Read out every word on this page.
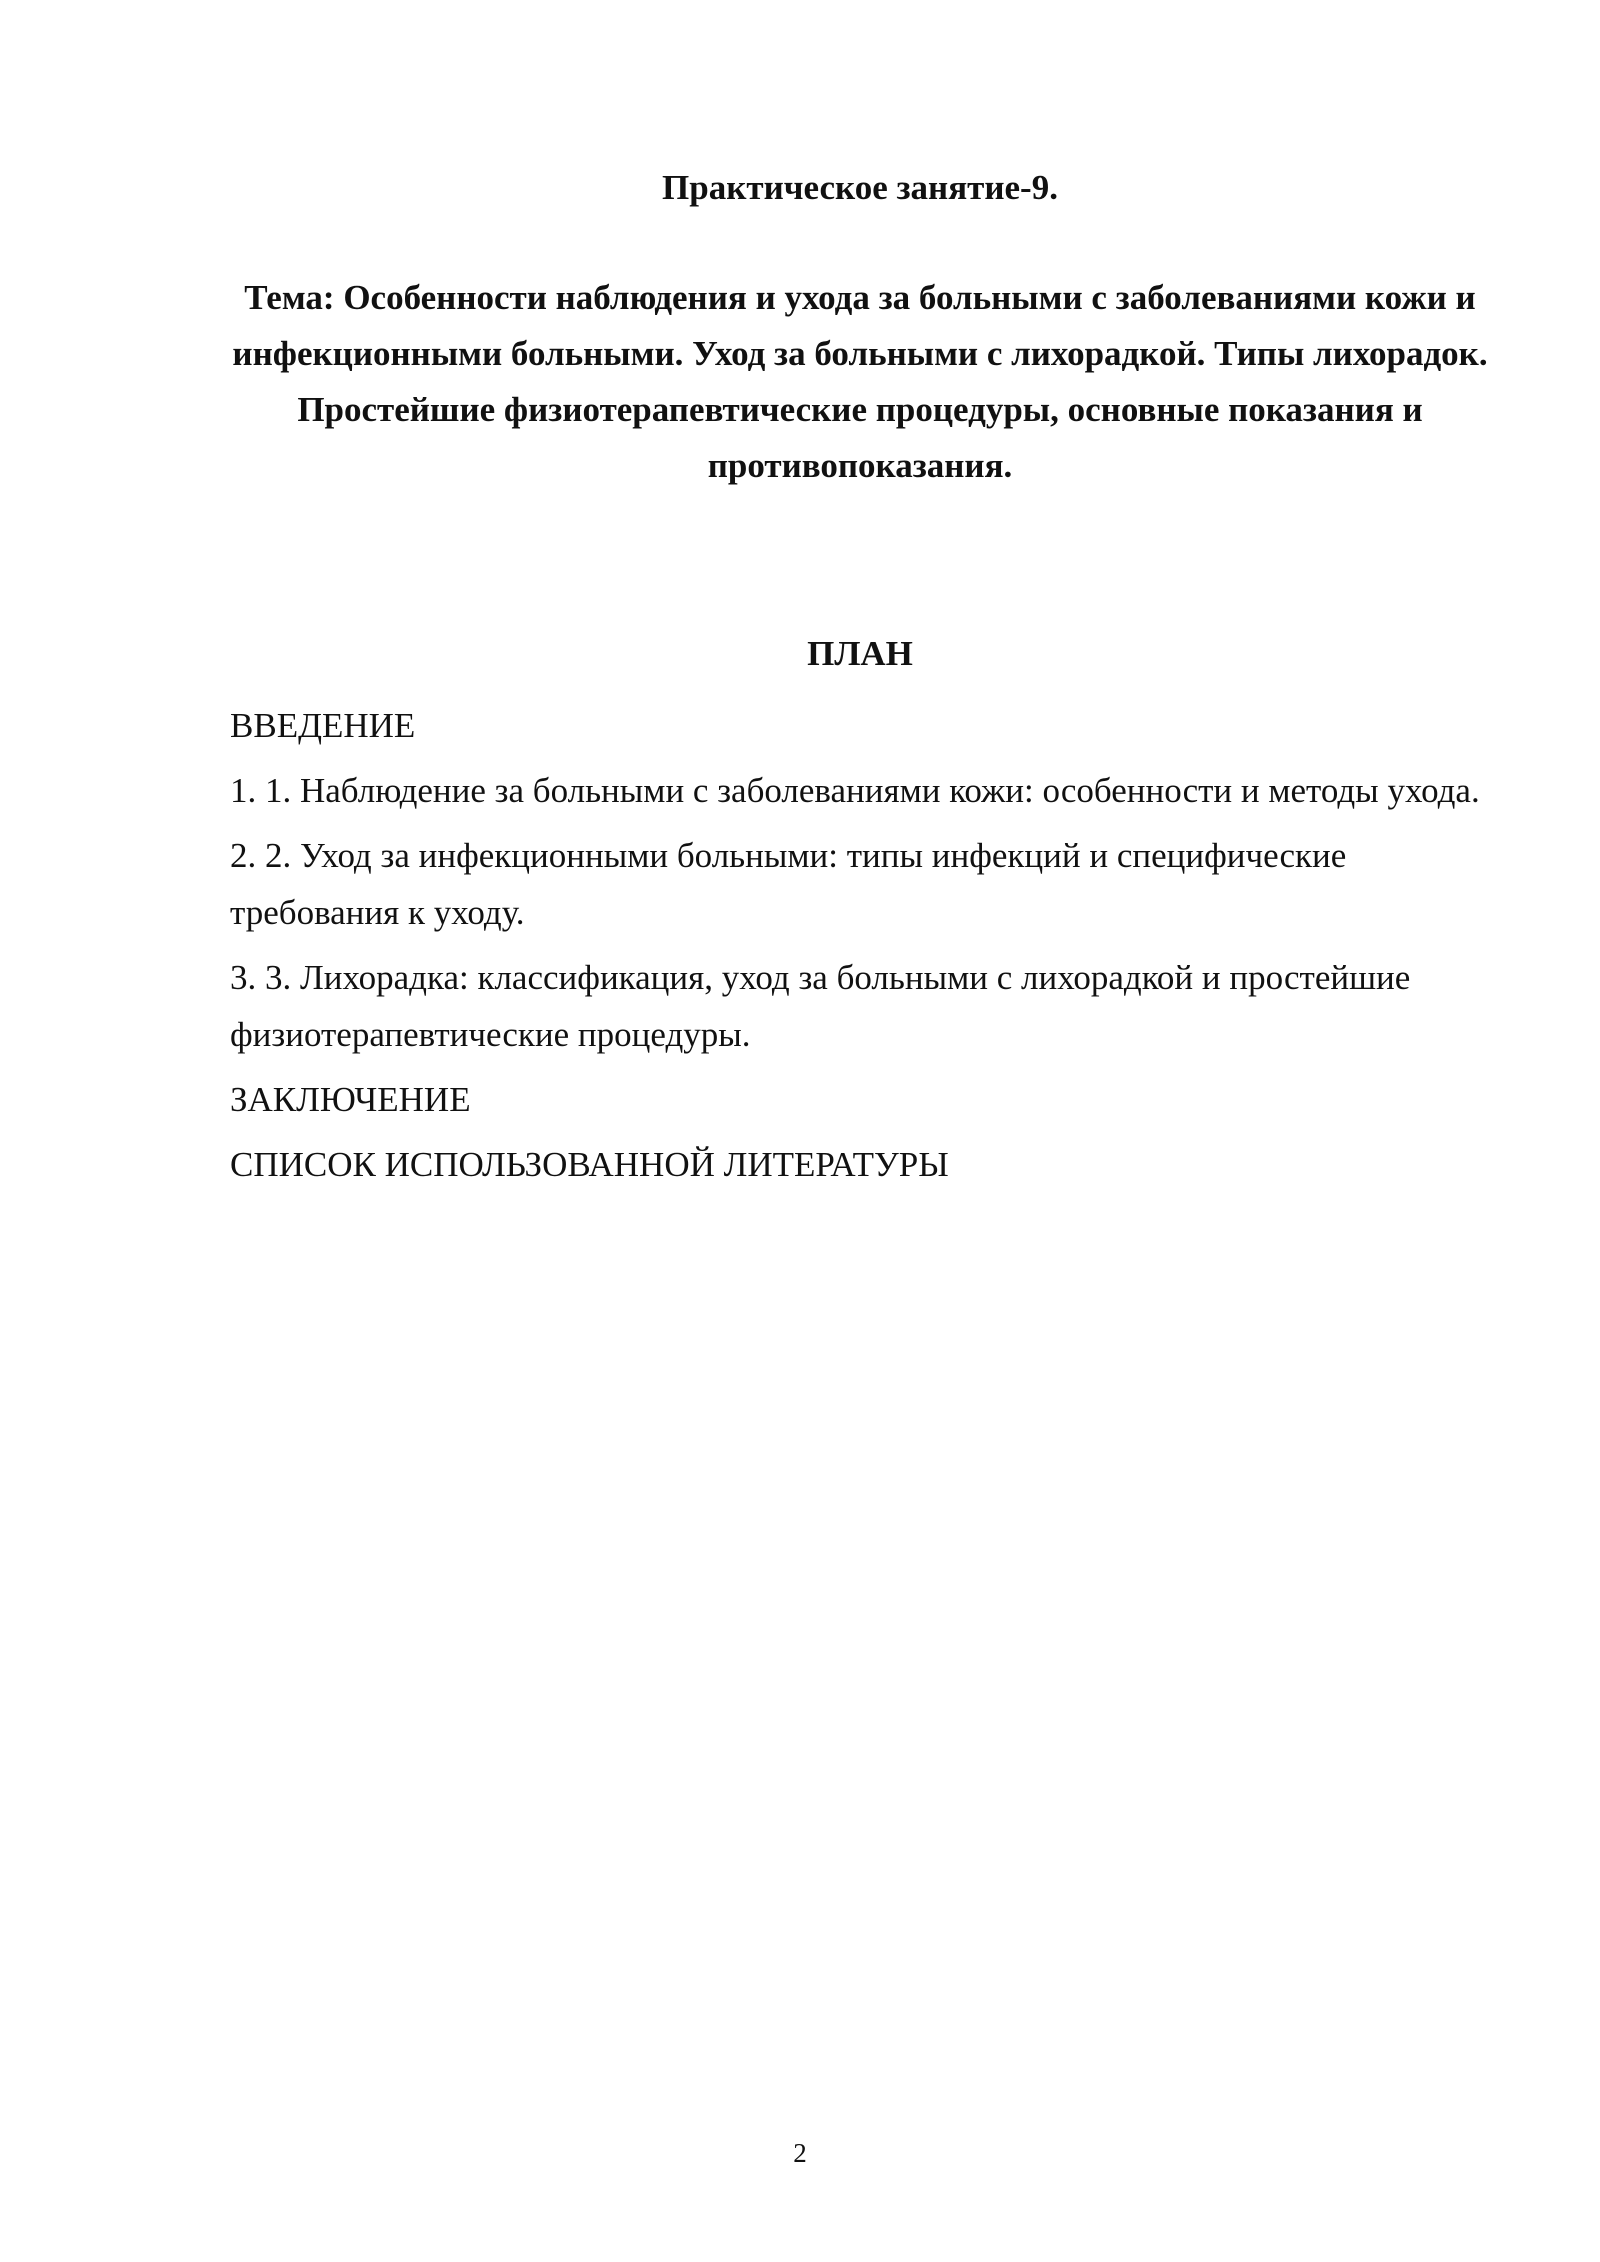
Практическое занятие-9.
Тема: Особенности наблюдения и ухода за больными с заболеваниями кожи и инфекционными больными. Уход за больными с лихорадкой. Типы лихорадок. Простейшие физиотерапевтические процедуры, основные показания и противопоказания.
ПЛАН
ВВЕДЕНИЕ
1. 1. Наблюдение за больными с заболеваниями кожи: особенности и методы ухода.
2. 2. Уход за инфекционными больными: типы инфекций и специфические требования к уходу.
3. 3. Лихорадка: классификация, уход за больными с лихорадкой и простейшие физиотерапевтические процедуры.
ЗАКЛЮЧЕНИЕ
СПИСОК ИСПОЛЬЗОВАННОЙ ЛИТЕРАТУРЫ
2
